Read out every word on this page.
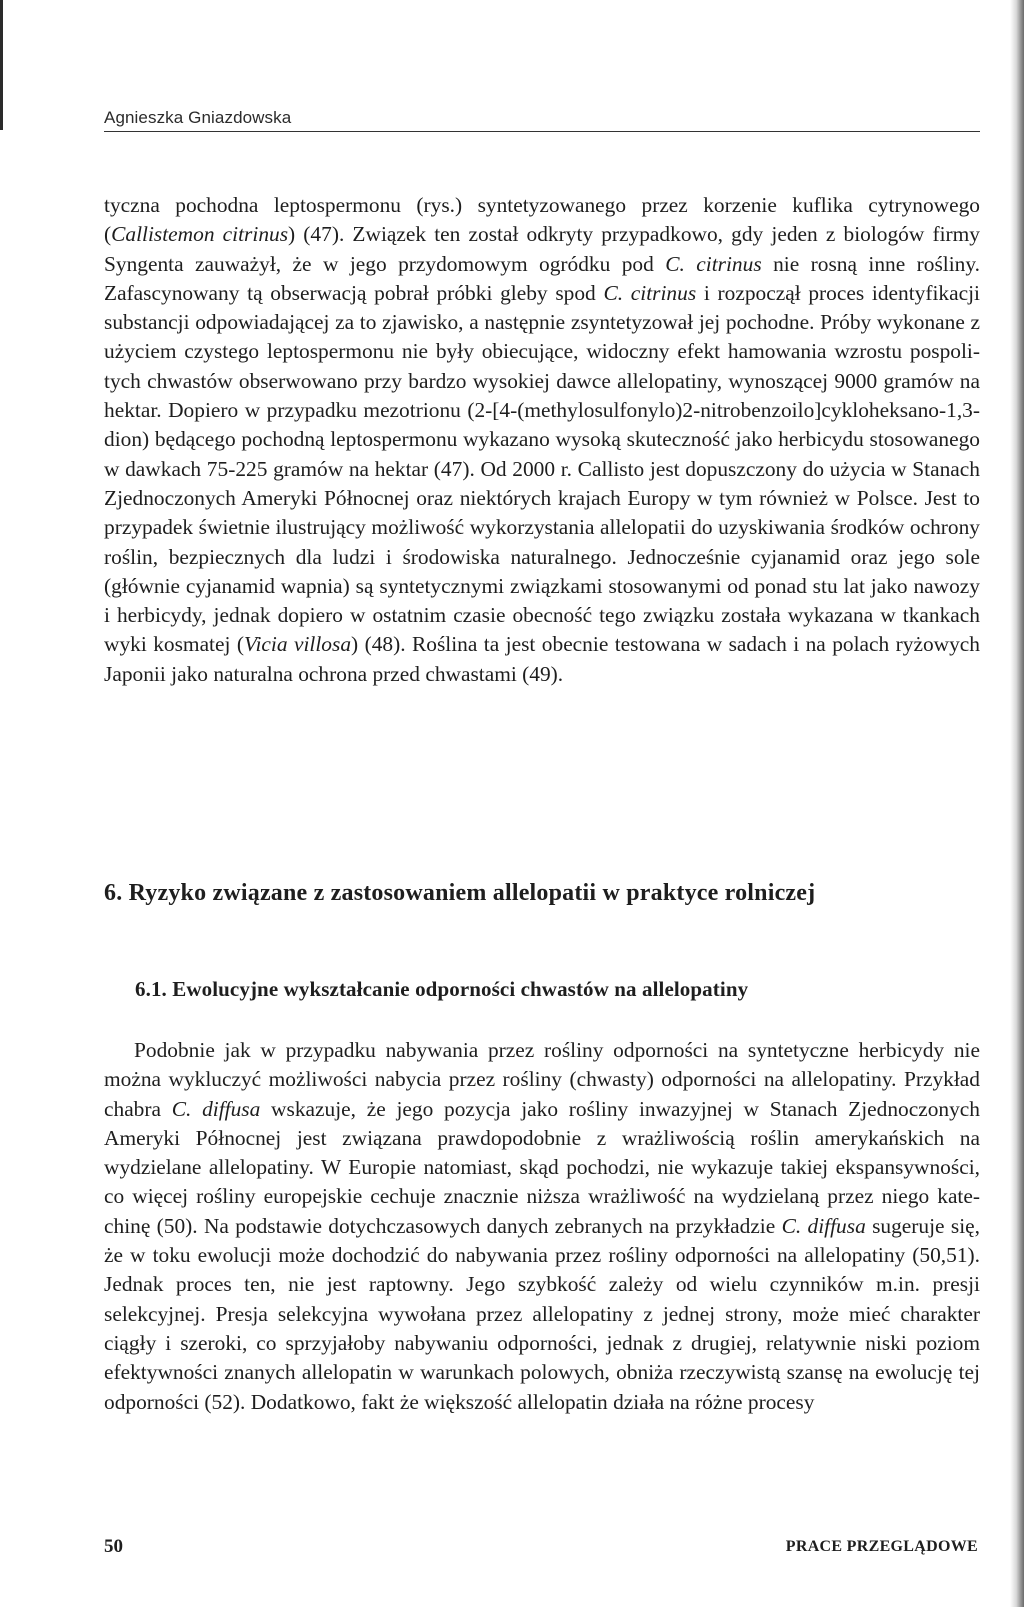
Agnieszka Gniazdowska

tyczna pochodna leptospermonu (rys.) syntetyzowanego przez korzenie kuflika cytrynowego (Callistemon citrinus) (47). Związek ten został odkryty przypadkowo, gdy jeden z biologów firmy Syngenta zauważył, że w jego przydomowym ogródku pod C. citrinus nie rosną inne rośliny. Zafascynowany tą obserwacją pobrał próbki gleby spod C. citrinus i rozpoczął proces identyfikacji substancji odpowiadającej za to zjawisko, a następnie zsyntetyzował jej pochodne. Próby wykonane z użyciem czystego leptospermonu nie były obiecujące, widoczny efekt hamowania wzrostu pospolitych chwastów obserwowano przy bardzo wysokiej dawce allelopatiny, wynoszącej 9000 gramów na hektar. Dopiero w przypadku mezotrionu (2-[4-(methylosulfonylo)2-nitrobenzoilo]cykloheksano-1,3-dion) będącego pochodną leptospermonu wykazano wysoką skuteczność jako herbicydu stosowanego w dawkach 75-225 gramów na hektar (47). Od 2000 r. Callisto jest dopuszczony do użycia w Stanach Zjednoczonych Ameryki Północnej oraz niektórych krajach Europy w tym również w Polsce. Jest to przypadek świetnie ilustrujący możliwość wykorzystania allelopatii do uzyskiwania środków ochrony roślin, bezpiecznych dla ludzi i środowiska naturalnego. Jednocześnie cyjanamid oraz jego sole (głównie cyjanamid wapnia) są syntetycznymi związkami stosowanymi od ponad stu lat jako nawozy i herbicydy, jednak dopiero w ostatnim czasie obecność tego związku została wykazana w tkankach wyki kosmatej (Vicia villosa) (48). Roślina ta jest obecnie testowana w sadach i na polach ryżowych Japonii jako naturalna ochrona przed chwastami (49).

6. Ryzyko związane z zastosowaniem allelopatii w praktyce rolniczej
6.1. Ewolucyjne wykształcanie odporności chwastów na allelopatiny

Podobnie jak w przypadku nabywania przez rośliny odporności na syntetyczne herbicydy nie można wykluczyć możliwości nabycia przez rośliny (chwasty) odporności na allelopatiny. Przykład chabra C. diffusa wskazuje, że jego pozycja jako rośliny inwazyjnej w Stanach Zjednoczonych Ameryki Północnej jest związana prawdopodobnie z wrażliwością roślin amerykańskich na wydzielane allelopatiny. W Europie natomiast, skąd pochodzi, nie wykazuje takiej ekspansywności, co więcej rośliny europejskie cechuje znacznie niższa wrażliwość na wydzielaną przez niego katechinę (50). Na podstawie dotychczasowych danych zebranych na przykładzie C. diffusa sugeruje się, że w toku ewolucji może dochodzić do nabywania przez rośliny odporności na allelopatiny (50,51). Jednak proces ten, nie jest raptowny. Jego szybkość zależy od wielu czynników m.in. presji selekcyjnej. Presja selekcyjna wywołana przez allelopatiny z jednej strony, może mieć charakter ciągły i szeroki, co sprzyjałoby nabywaniu odporności, jednak z drugiej, relatywnie niski poziom efektywności znanych allelopatin w warunkach polowych, obniża rzeczywistą szansę na ewolucję tej odporności (52). Dodatkowo, fakt że większość allelopatin działa na różne procesy

50	PRACE PRZEGLĄDOWE
